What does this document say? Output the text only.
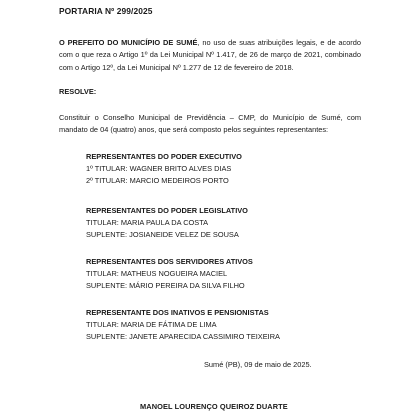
PORTARIA Nº 299/2025

O PREFEITO DO MUNICÍPIO DE SUMÉ, no uso de suas atribuições legais, e de acordo com o que reza o Artigo 1º da Lei Municipal Nº 1.417, de 26 de março de 2021, combinado com o Artigo 12º, da Lei Municipal Nº 1.277 de 12 de fevereiro de 2018.

RESOLVE:

Constituir o Conselho Municipal de Previdência – CMP, do Município de Sumé, com mandato de 04 (quatro) anos, que será composto pelos seguintes representantes:

REPRESENTANTES DO PODER EXECUTIVO
1º TITULAR: WAGNER BRITO ALVES DIAS
2º TITULAR: MARCIO MEDEIROS PORTO
REPRESENTANTES DO PODER LEGISLATIVO
TITULAR: MARIA PAULA DA COSTA
SUPLENTE: JOSIANEIDE VELEZ DE SOUSA
REPRESENTANTES DOS SERVIDORES ATIVOS
TITULAR: MATHEUS NOGUEIRA MACIEL
SUPLENTE: MÁRIO PEREIRA DA SILVA FILHO
REPRESENTANTE DOS INATIVOS E PENSIONISTAS
TITULAR: MARIA DE FÁTIMA DE LIMA
SUPLENTE: JANETE APARECIDA CASSIMIRO TEIXEIRA
Sumé (PB), 09 de maio de 2025.
MANOEL LOURENÇO QUEIROZ DUARTE
